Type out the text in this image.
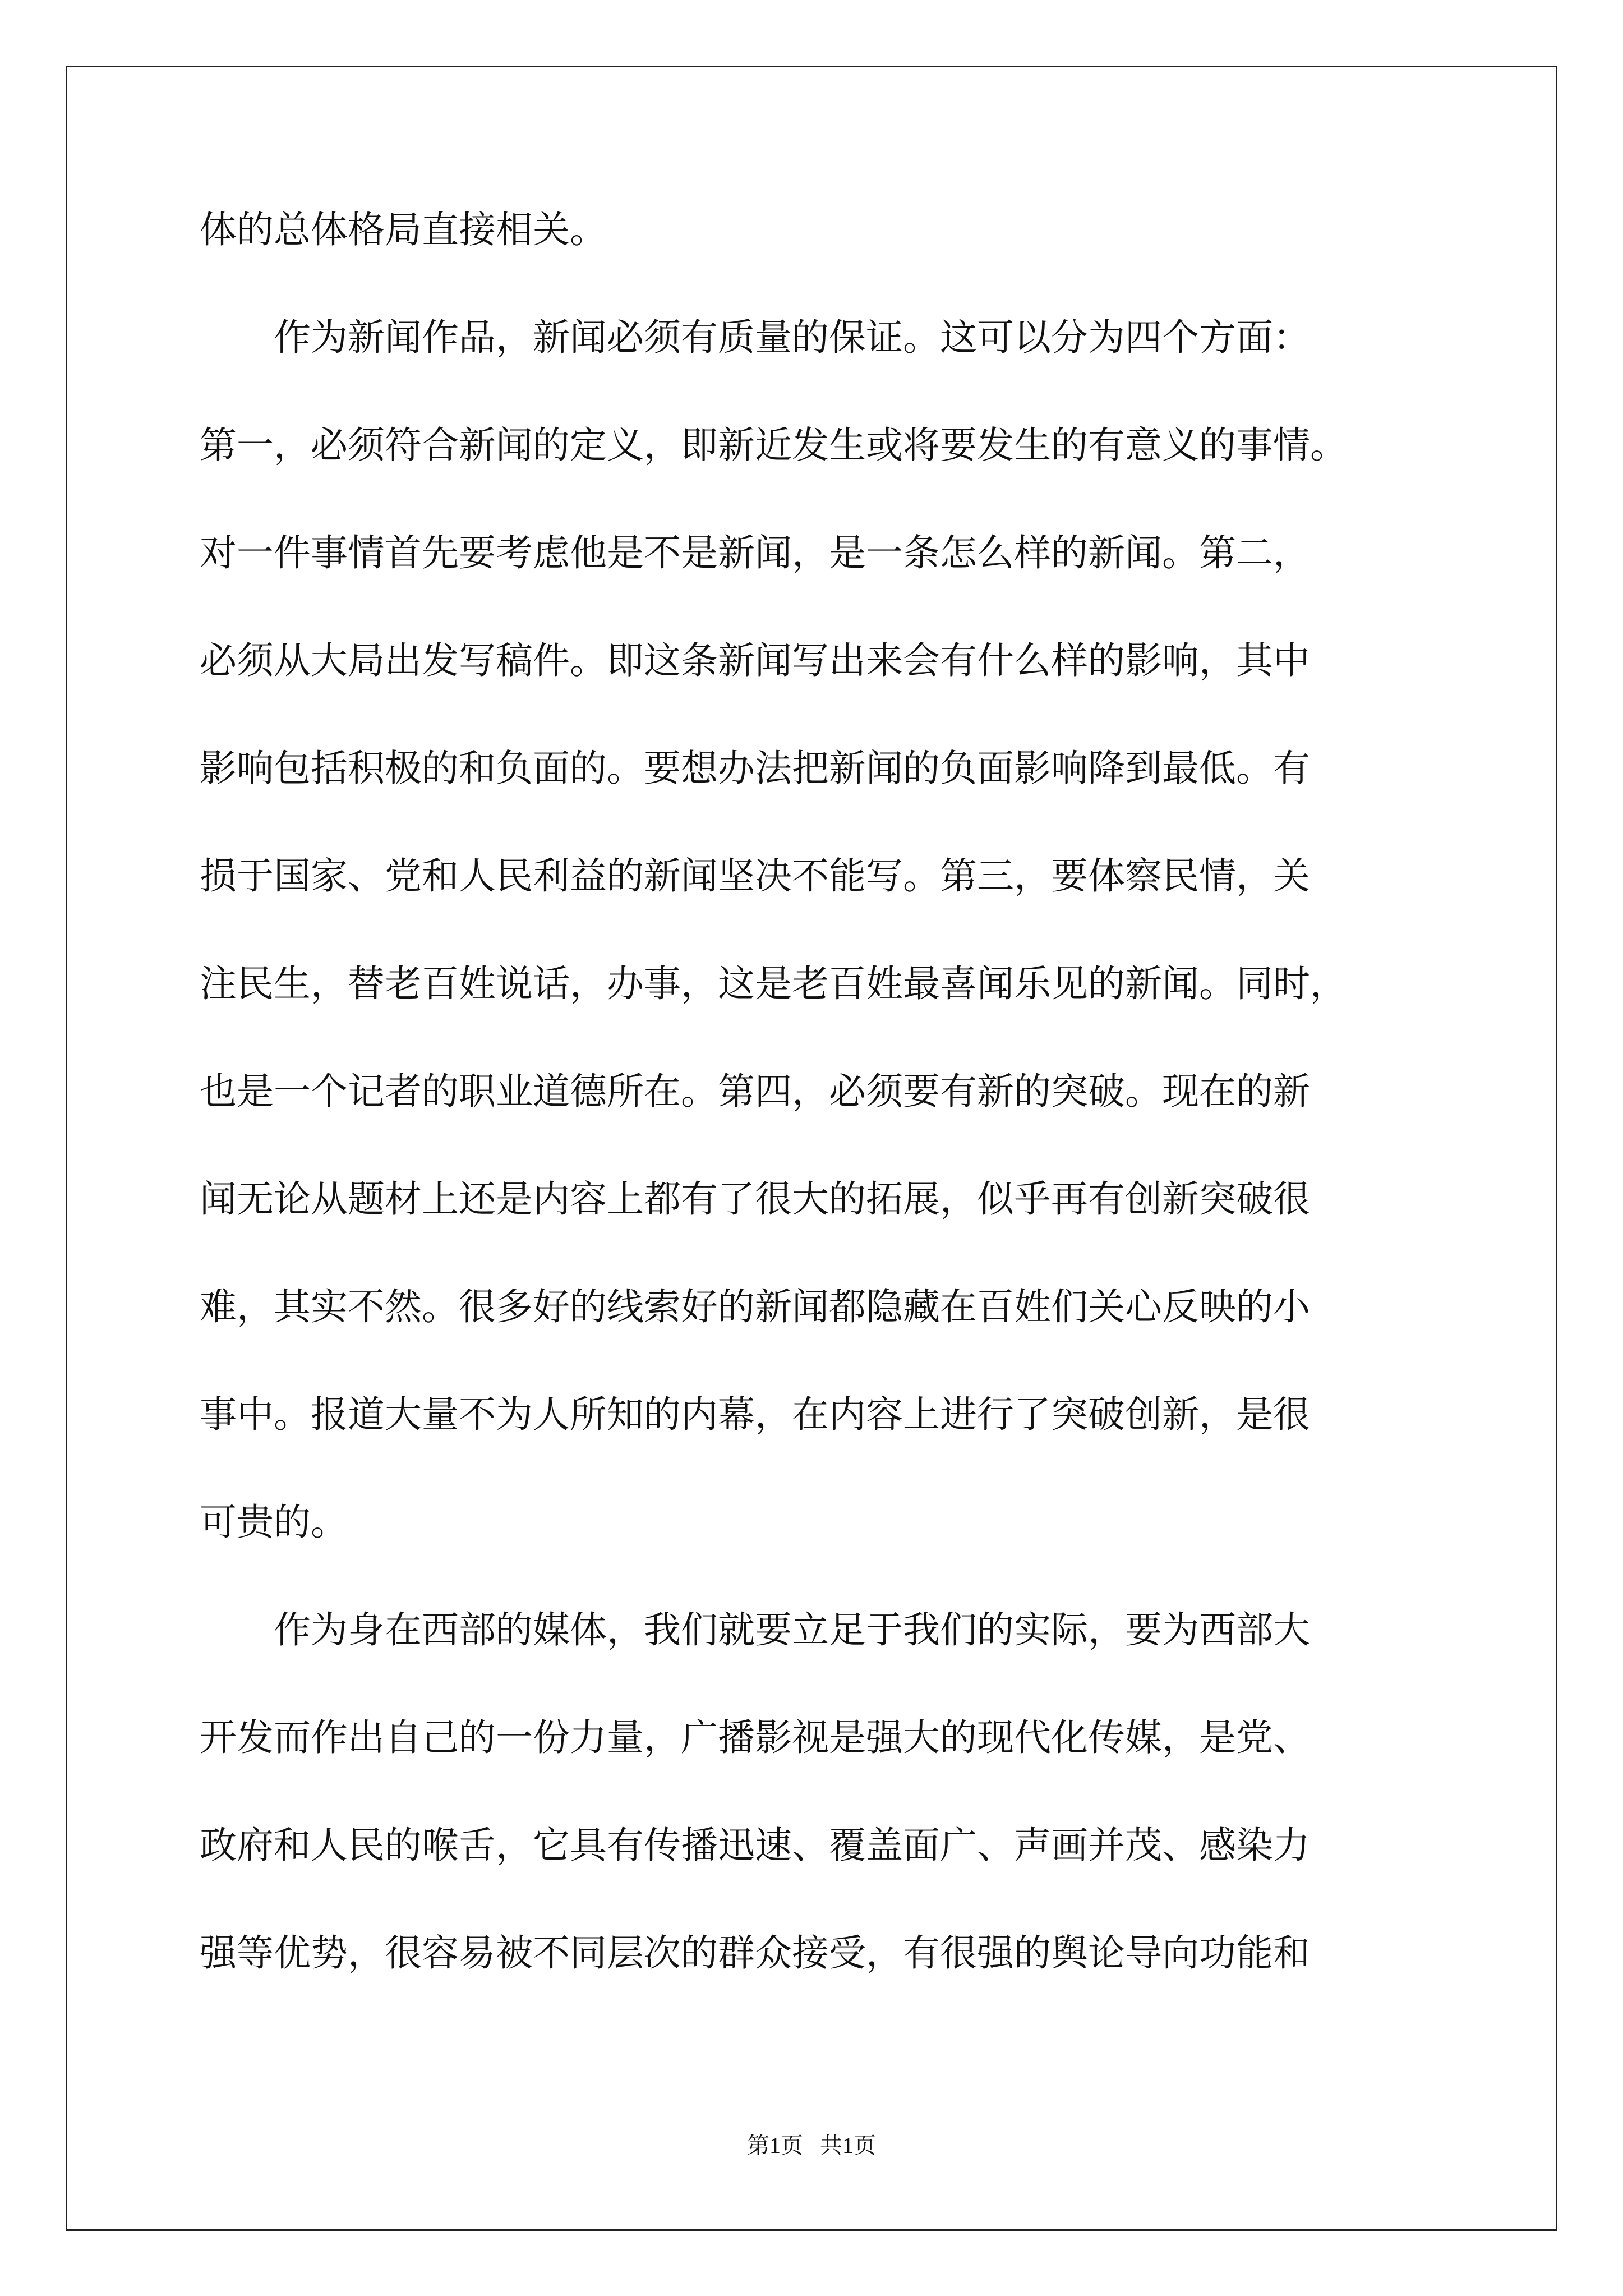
体的总体格局直接相关。
　　作为新闻作品，新闻必须有质量的保证。这可以分为四个方面：
第一，必须符合新闻的定义，即新近发生或将要发生的有意义的事情。
对一件事情首先要考虑他是不是新闻，是一条怎么样的新闻。第二，
必须从大局出发写稿件。即这条新闻写出来会有什么样的影响，其中
影响包括积极的和负面的。要想办法把新闻的负面影响降到最低。有
损于国家、党和人民利益的新闻坚决不能写。第三，要体察民情，关
注民生，替老百姓说话，办事，这是老百姓最喜闻乐见的新闻。同时，
也是一个记者的职业道德所在。第四，必须要有新的突破。现在的新
闻无论从题材上还是内容上都有了很大的拓展，似乎再有创新突破很
难，其实不然。很多好的线索好的新闻都隐藏在百姓们关心反映的小
事中。报道大量不为人所知的内幕，在内容上进行了突破创新，是很
可贵的。
　　作为身在西部的媒体，我们就要立足于我们的实际，要为西部大
开发而作出自己的一份力量，广播影视是强大的现代化传媒，是党、
政府和人民的喉舌，它具有传播迅速、覆盖面广、声画并茂、感染力
强等优势，很容易被不同层次的群众接受，有很强的舆论导向功能和
第1页   共1页
